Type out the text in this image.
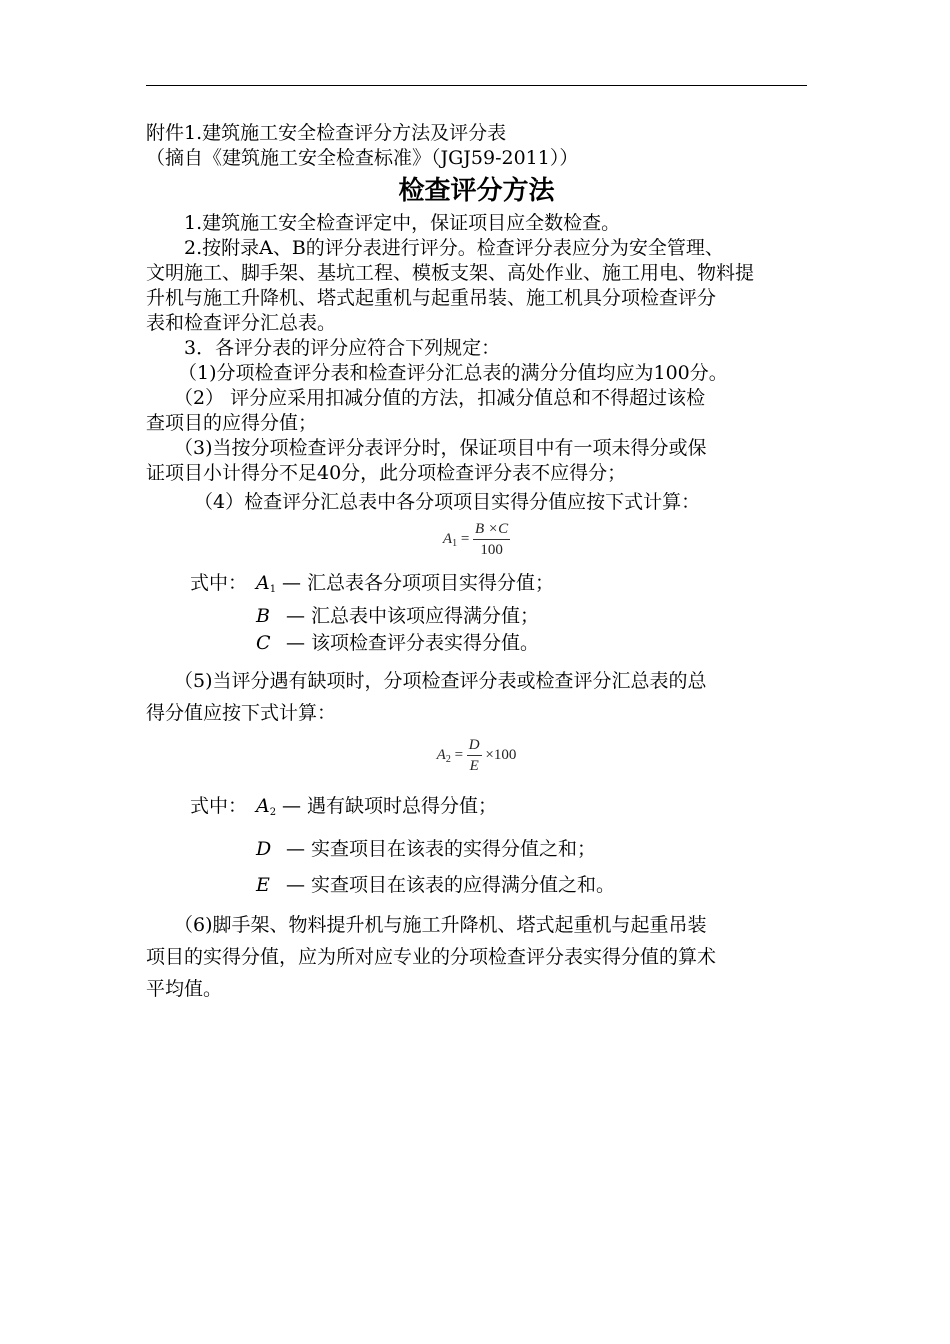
附件1.建筑施工安全检查评分方法及评分表
（摘自《建筑施工安全检查标准》（JGJ59-2011））
检查评分方法
1.建筑施工安全检查评定中，保证项目应全数检查。
2.按附录A、B的评分表进行评分。检查评分表应分为安全管理、
文明施工、脚手架、基坑工程、模板支架、高处作业、施工用电、物料提
升机与施工升降机、塔式起重机与起重吊装、施工机具分项检查评分
表和检查评分汇总表。
3．各评分表的评分应符合下列规定：
（1)分项检查评分表和检查评分汇总表的满分分值均应为100分。
（2） 评分应采用扣减分值的方法，扣减分值总和不得超过该检
查项目的应得分值；
（3)当按分项检查评分表评分时，保证项目中有一项未得分或保
证项目小计得分不足40分，此分项检查评分表不应得分；
（4）检查评分汇总表中各分项项目实得分值应按下式计算：
$A_1 = \frac{B \times C}{100}$
式中： $A_1$ — 汇总表各分项项目实得分值；
B — 汇总表中该项应得满分值；
C — 该项检查评分表实得分值。
（5)当评分遇有缺项时，分项检查评分表或检查评分汇总表的总
得分值应按下式计算：
$A_2 = \frac{D}{E} \times 100$
式中： $A_2$ — 遇有缺项时总得分值；
D — 实查项目在该表的实得分值之和；
E — 实查项目在该表的应得满分值之和。
（6)脚手架、物料提升机与施工升降机、塔式起重机与起重吊装
项目的实得分值，应为所对应专业的分项检查评分表实得分值的算术
平均值。
